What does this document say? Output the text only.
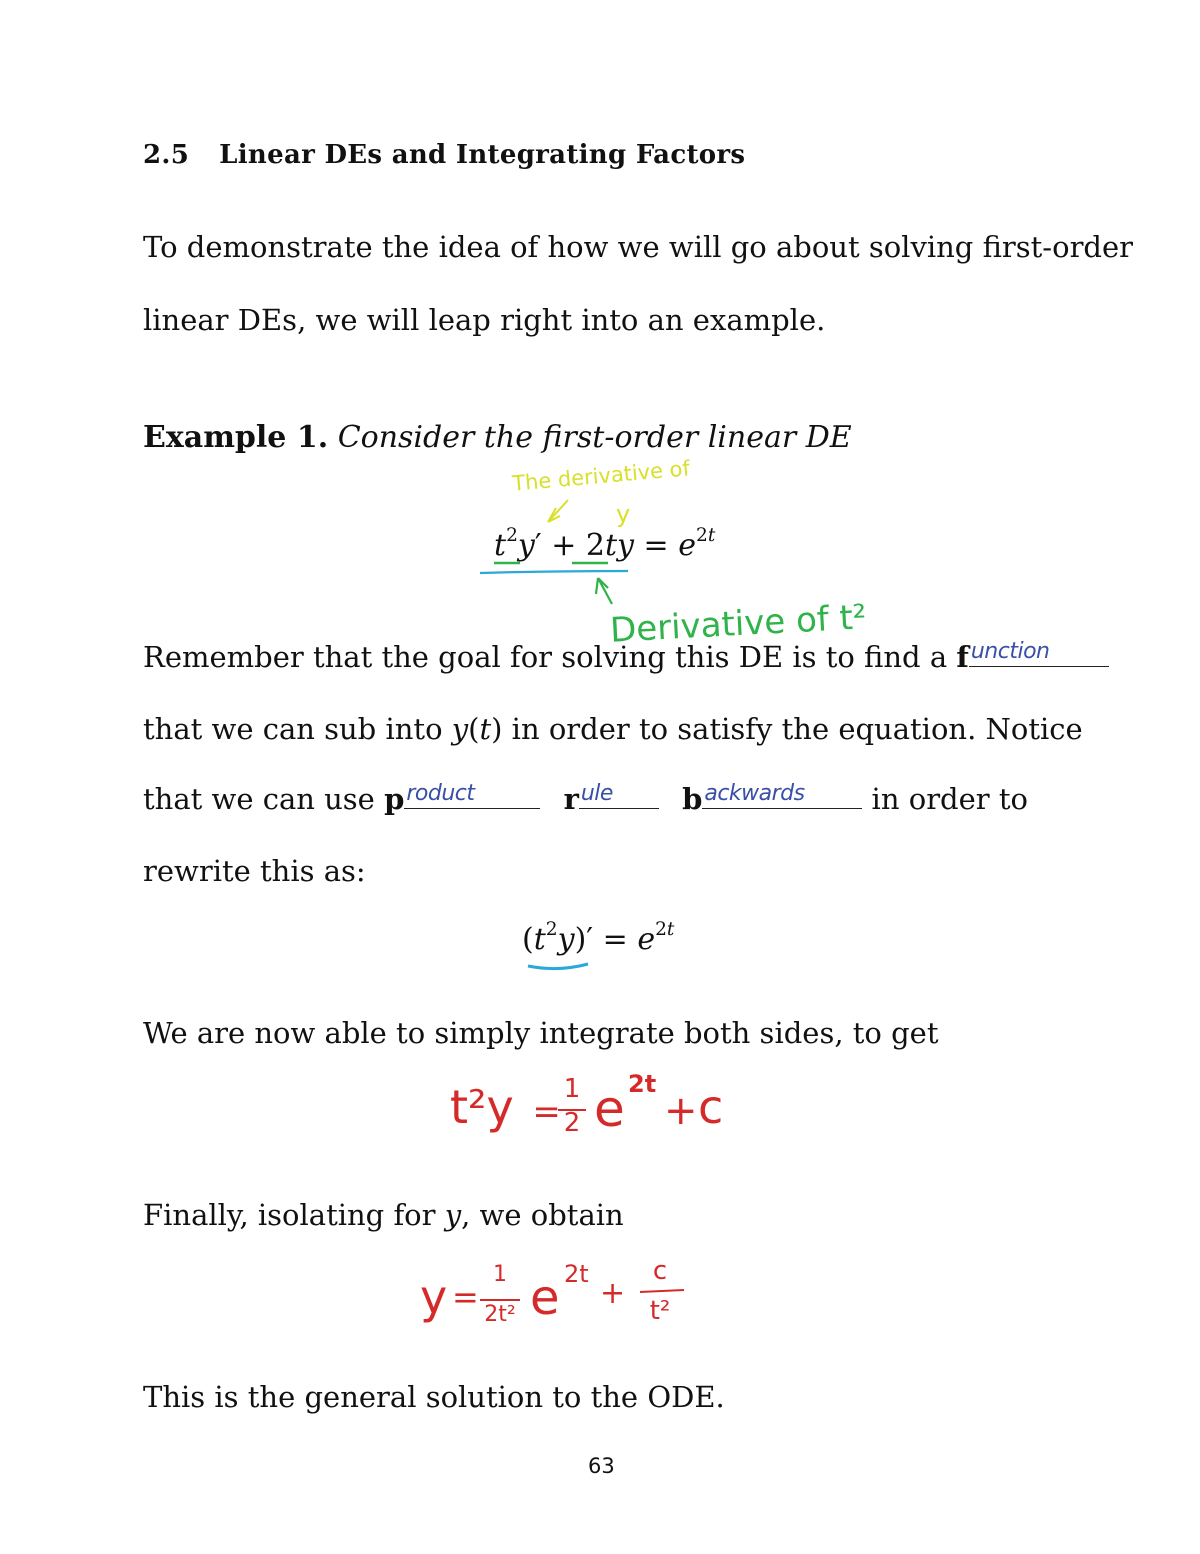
2.5 Linear DEs and Integrating Factors
To demonstrate the idea of how we will go about solving first-order
linear DEs, we will leap right into an example.
Example 1. Consider the first-order linear DE
The derivative of
y
$t^2y' + 2ty = e^{2t}$
Derivative of t²
Remember that the goal for solving this DE is to find a f unction
that we can sub into y(t) in order to satisfy the equation. Notice
that we can use p roduct	r ule b ackwards in order to
rewrite this as:
$(t^2y)' = e^{2t}$
We are now able to simply integrate both sides, to get
t²y =
1
2 e 2t
+ c
Finally, isolating for y, we obtain
y =
1
2t² e 2t
+
c
t²
This is the general solution to the ODE.
63
